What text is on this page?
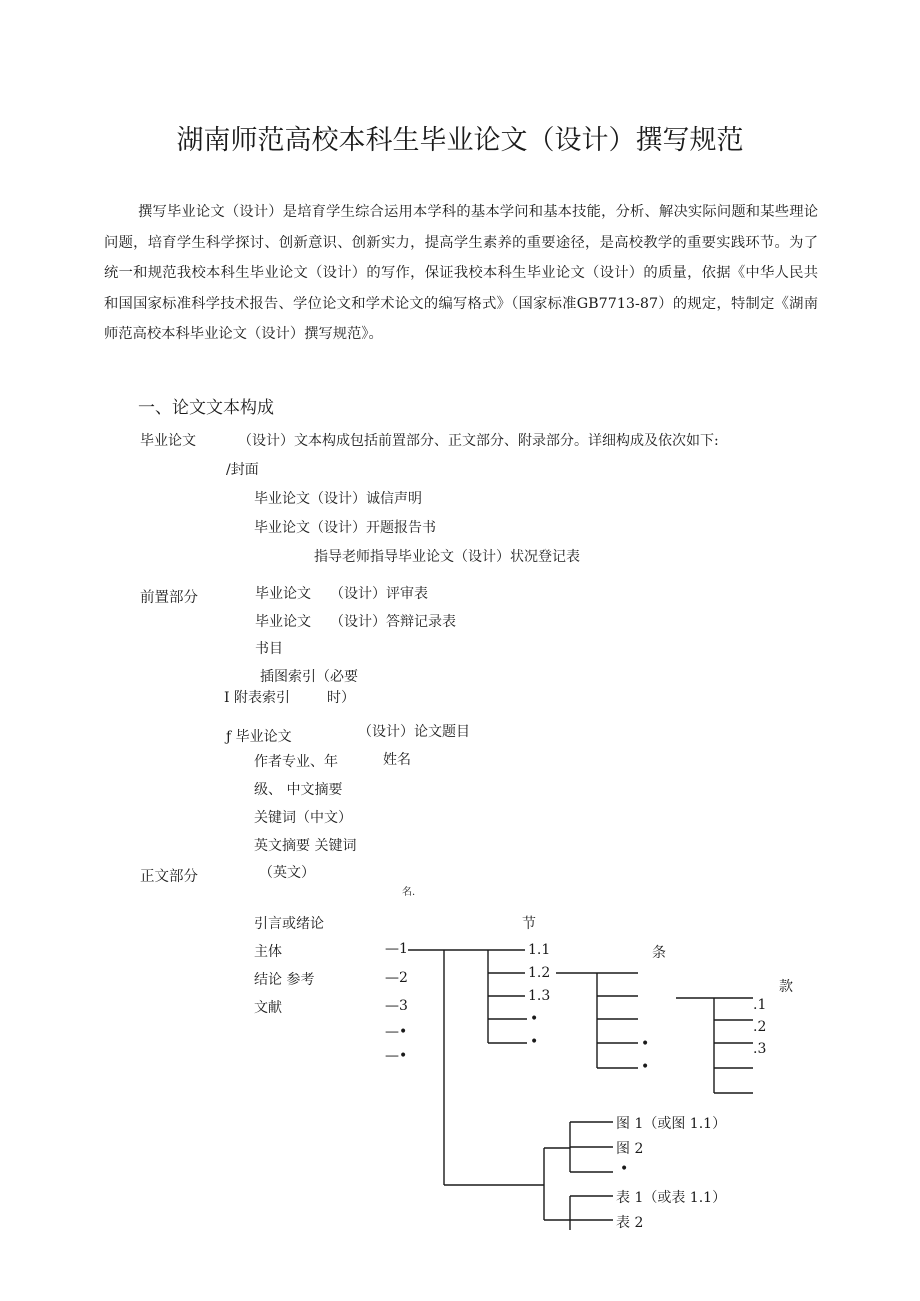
湖南师范高校本科生毕业论文（设计）撰写规范
撰写毕业论文（设计）是培育学生综合运用本学科的基本学问和基本技能，分析、解决实际问题和某些理论问题，培育学生科学探讨、创新意识、创新实力，提高学生素养的重要途径，是高校教学的重要实践环节。为了统一和规范我校本科生毕业论文（设计）的写作，保证我校本科生毕业论文（设计）的质量，依据《中华人民共和国国家标准科学技术报告、学位论文和学术论文的编写格式》（国家标准GB7713-87）的规定，特制定《湖南师范高校本科毕业论文（设计）撰写规范》。
一、论文文本构成
毕业论文	（设计）文本构成包括前置部分、正文部分、附录部分。详细构成及依次如下:
/封面
毕业论文（设计）诚信声明
毕业论文（设计）开题报告书
指导老师指导毕业论文（设计）状况登记表
前置部分	毕业论文 （设计）评审表
毕业论文 （设计）答辩记录表
书目
插图索引（必要
I 附表索引	时）
ƒ 毕业论文	（设计）论文题目
作者专业、年	姓名
级、 中文摘要
关键词（中文）
英文摘要 关键词
正文部分	（英文）
名.
引言或绪论
主体
结论 参考
文献
节
条
款
—1
—2
—3
—•
—•
1.1
1.2
1.3
•
•	•
•
.1
.2
.3
图 1（或图 1.1）
图 2
•
表 1（或表 1.1）
表 2
